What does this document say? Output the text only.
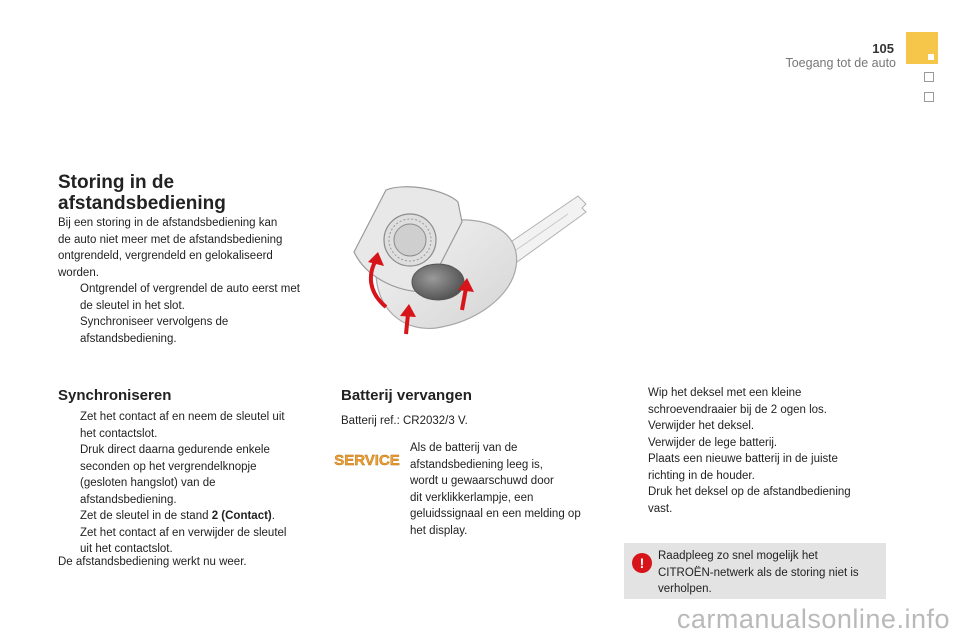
105
Toegang tot de auto
Storing in de
afstandsbediening
Bij een storing in de afstandsbediening kan
de auto niet meer met de afstandsbediening
ontgrendeld, vergrendeld en gelokaliseerd
worden.
Ontgrendel of vergrendel de auto eerst met
de sleutel in het slot.
Synchroniseer vervolgens de
afstandsbediening.
Synchroniseren
Zet het contact af en neem de sleutel uit
het contactslot.
Druk direct daarna gedurende enkele
seconden op het vergrendelknopje
(gesloten hangslot) van de
afstandsbediening.
Zet de sleutel in de stand 2 (Contact).
Zet het contact af en verwijder de sleutel
uit het contactslot.
De afstandsbediening werkt nu weer.
Batterij vervangen
Batterij ref.: CR2032/3 V.
SERVICE
Als de batterij van de
afstandsbediening leeg is,
wordt u gewaarschuwd door
dit verklikkerlampje, een
geluidssignaal en een melding op
het display.
Wip het deksel met een kleine
schroevendraaier bij de 2 ogen los.
Verwijder het deksel.
Verwijder de lege batterij.
Plaats een nieuwe batterij in de juiste
richting in de houder.
Druk het deksel op de afstandbediening
vast.
!	Raadpleeg zo snel mogelijk het
CITROËN-netwerk als de storing niet is
verholpen.
carmanualsonline.info
